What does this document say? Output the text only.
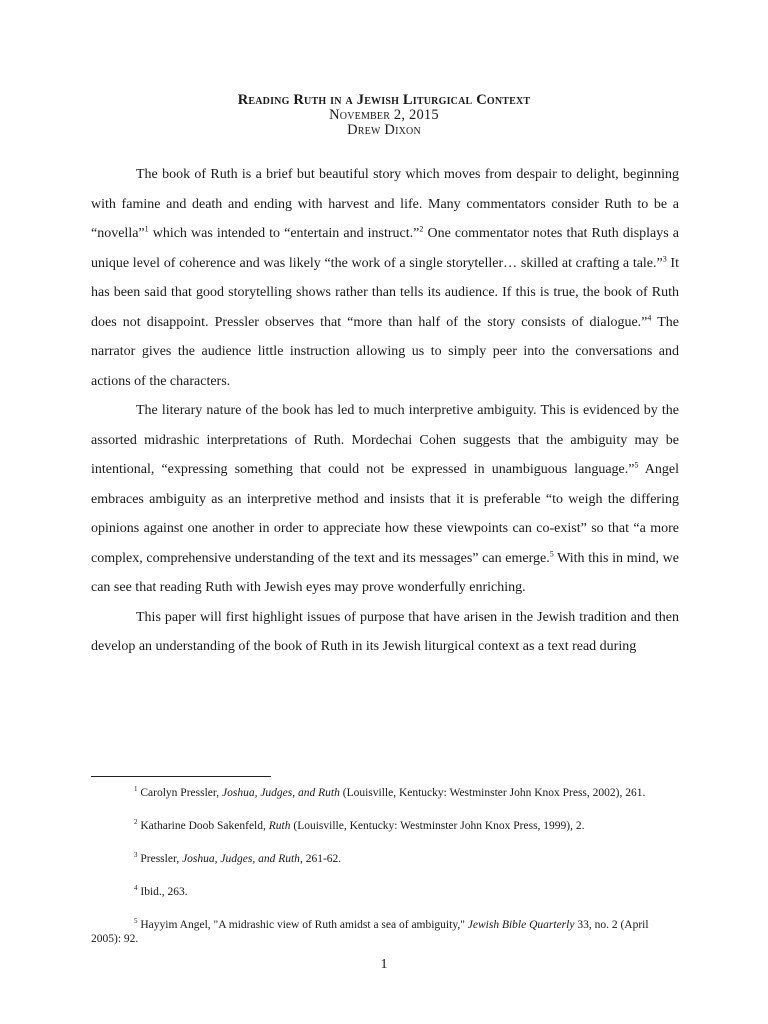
Reading Ruth in a Jewish Liturgical Context
November 2, 2015
Drew Dixon

The book of Ruth is a brief but beautiful story which moves from despair to delight, beginning with famine and death and ending with harvest and life. Many commentators consider Ruth to be a “novella”$^1$ which was intended to “entertain and instruct.”$^2$ One commentator notes that Ruth displays a unique level of coherence and was likely “the work of a single storyteller… skilled at crafting a tale.”$^3$ It has been said that good storytelling shows rather than tells its audience. If this is true, the book of Ruth does not disappoint. Pressler observes that “more than half of the story consists of dialogue.”$^4$ The narrator gives the audience little instruction allowing us to simply peer into the conversations and actions of the characters.

The literary nature of the book has led to much interpretive ambiguity. This is evidenced by the assorted midrashic interpretations of Ruth. Mordechai Cohen suggests that the ambiguity may be intentional, “expressing something that could not be expressed in unambiguous language.”$^5$ Angel embraces ambiguity as an interpretive method and insists that it is preferable “to weigh the differing opinions against one another in order to appreciate how these viewpoints can co-exist” so that “a more complex, comprehensive understanding of the text and its messages” can emerge.$^5$ With this in mind, we can see that reading Ruth with Jewish eyes may prove wonderfully enriching.

This paper will first highlight issues of purpose that have arisen in the Jewish tradition and then develop an understanding of the book of Ruth in its Jewish liturgical context as a text read during

$^1$ Carolyn Pressler, Joshua, Judges, and Ruth (Louisville, Kentucky: Westminster John Knox Press, 2002), 261.

$^2$ Katharine Doob Sakenfeld, Ruth (Louisville, Kentucky: Westminster John Knox Press, 1999), 2.

$^3$ Pressler, Joshua, Judges, and Ruth, 261-62.

$^4$ Ibid., 263.

$^5$ Hayyim Angel, "A midrashic view of Ruth amidst a sea of ambiguity," Jewish Bible Quarterly 33, no. 2 (April 2005): 92.

1
